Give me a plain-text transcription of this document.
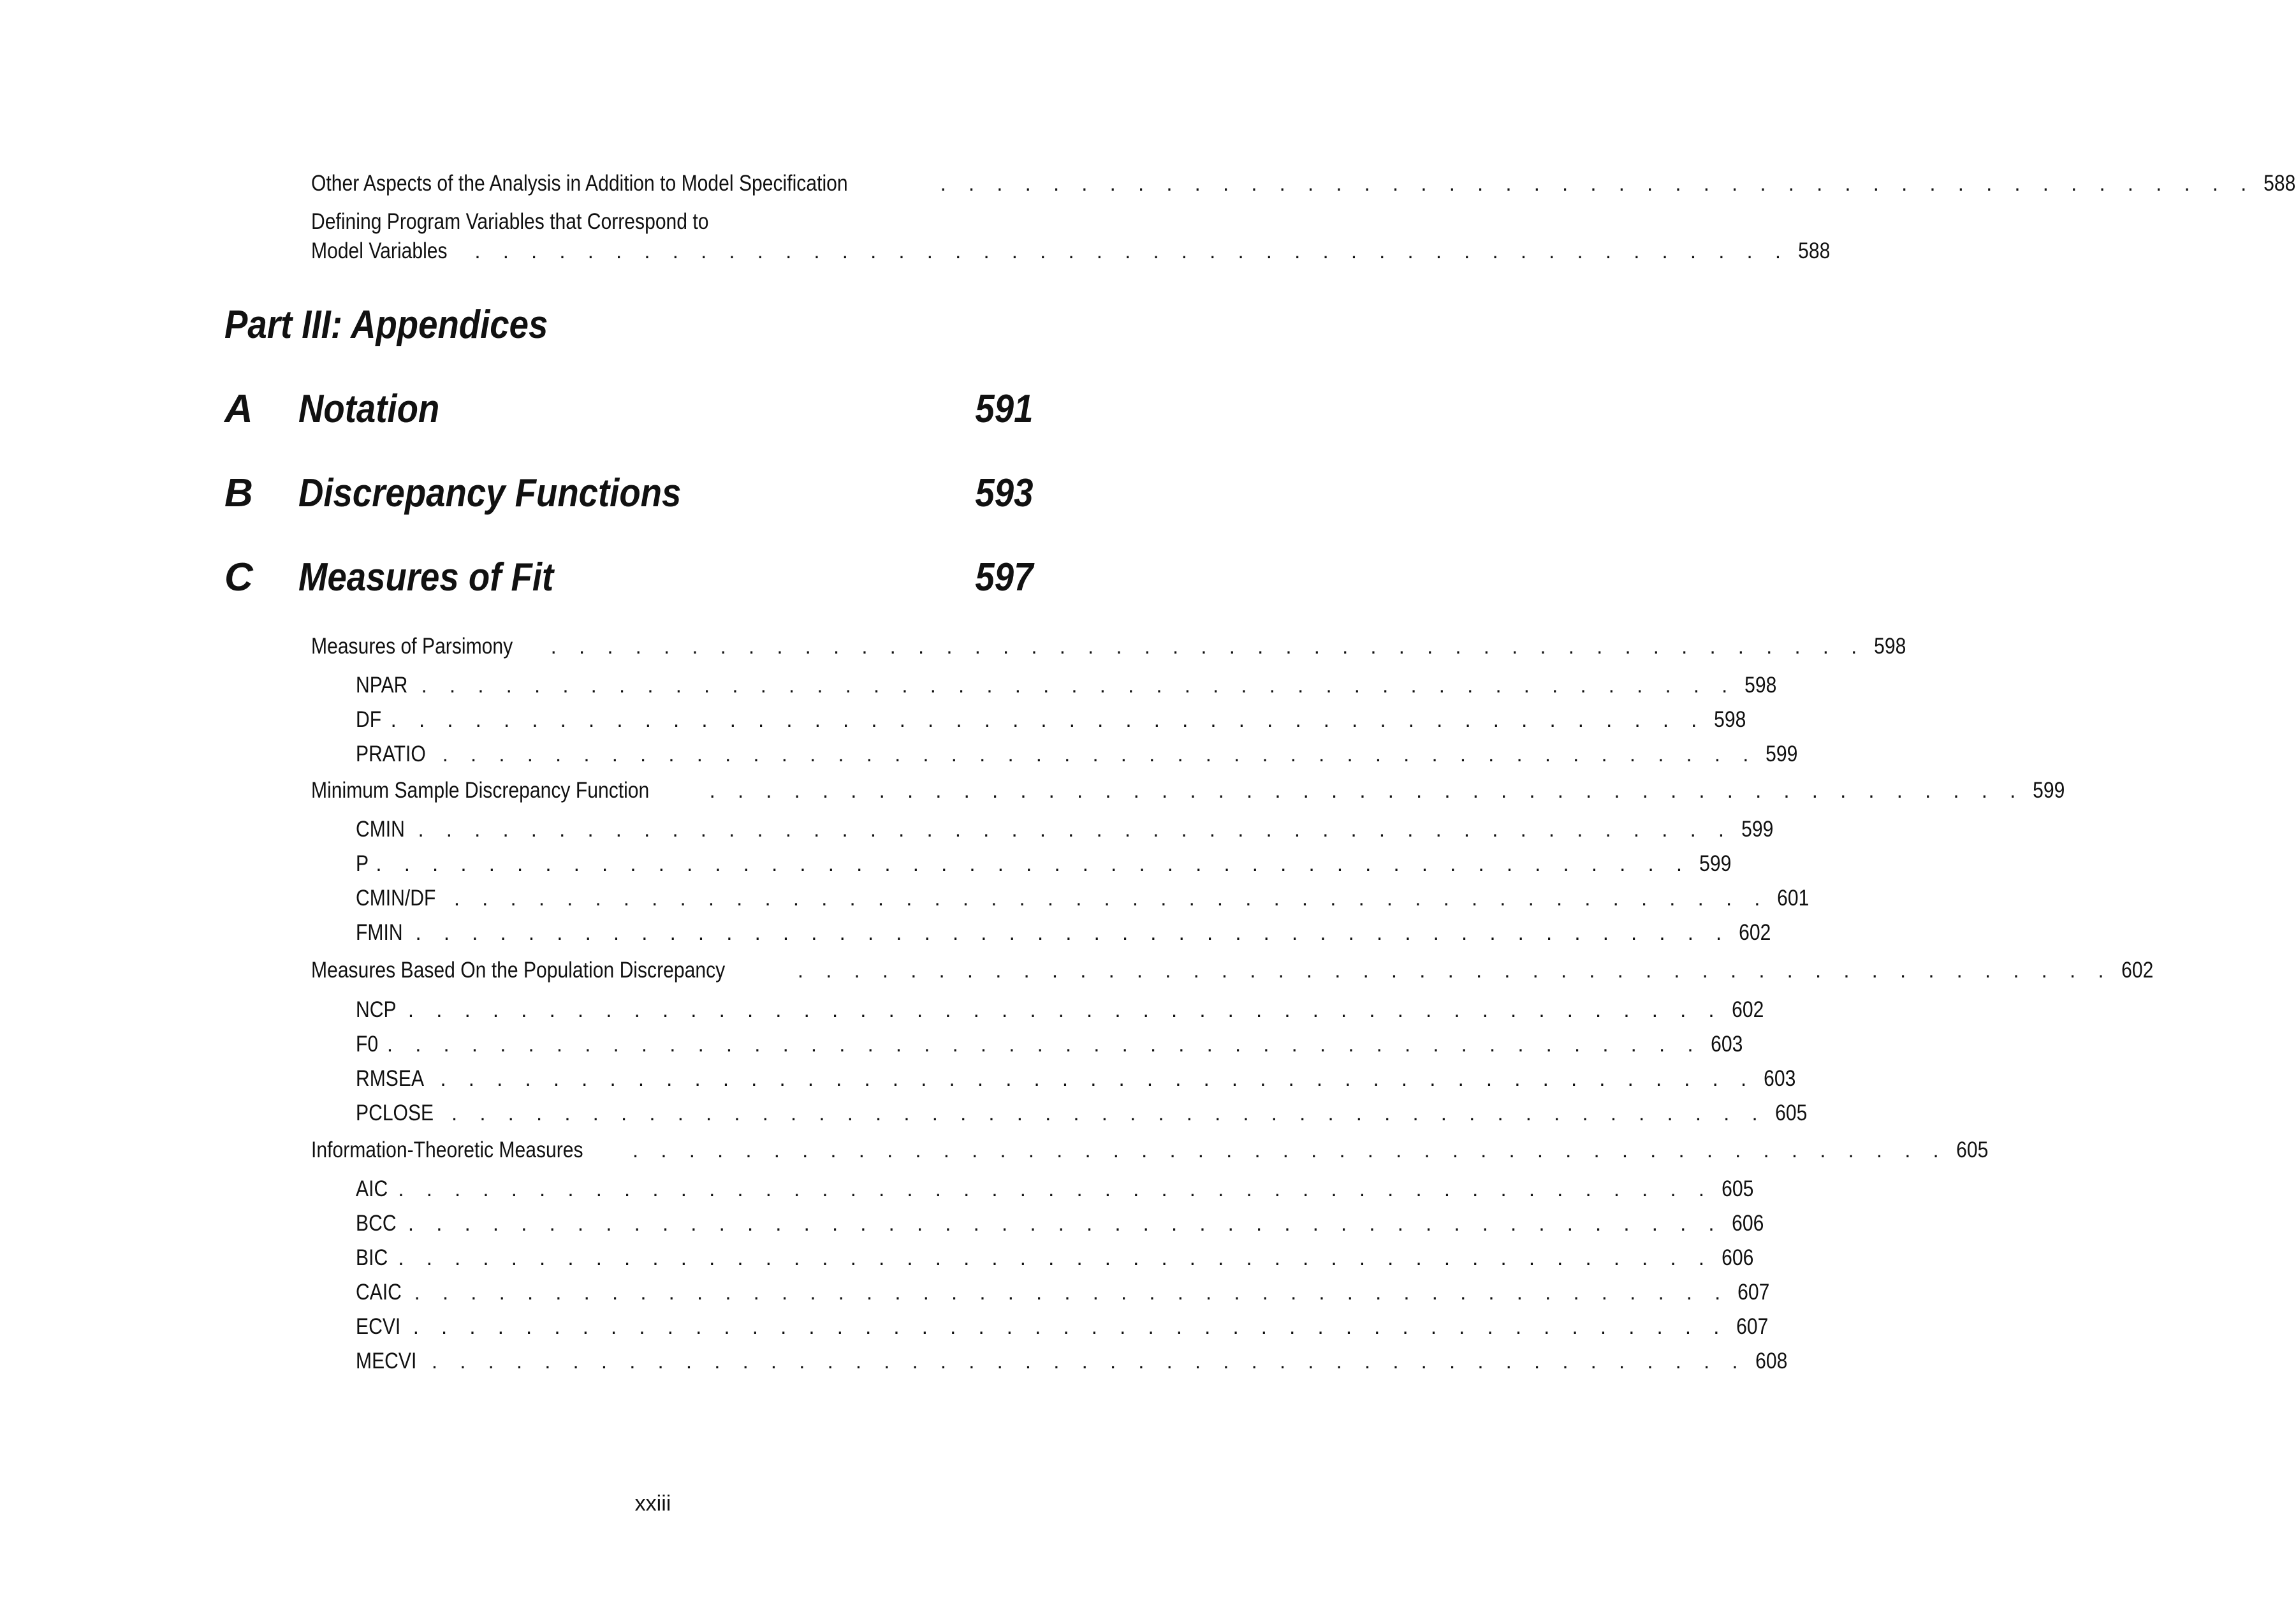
Other Aspects of the Analysis in Addition to Model Specification	. . . . . . . . . . . . . . . . . . . . . . . . . . . . . . . . . . . . . . . . . . . . . . . 588
Defining Program Variables that Correspond to
Model Variables . . . . . . . . . . . . . . . . . . . . . . . . . . . . . . . . . . . . . . . . . . . . . . . 588
Part III: Appendices
A Notation	591
B Discrepancy Functions	593
C Measures of Fit	597
Measures of Parsimony . . . . . . . . . . . . . . . . . . . . . . . . . . . . . . . . . . . . . . . . . . . . . . . 598
NPAR . . . . . . . . . . . . . . . . . . . . . . . . . . . . . . . . . . . . . . . . . . . . . . . 598
DF . . . . . . . . . . . . . . . . . . . . . . . . . . . . . . . . . . . . . . . . . . . . . . . 598
PRATIO . . . . . . . . . . . . . . . . . . . . . . . . . . . . . . . . . . . . . . . . . . . . . . . 599
Minimum Sample Discrepancy Function	. . . . . . . . . . . . . . . . . . . . . . . . . . . . . . . . . . . . . . . . . . . . . . . 599
CMIN . . . . . . . . . . . . . . . . . . . . . . . . . . . . . . . . . . . . . . . . . . . . . . . 599
P . . . . . . . . . . . . . . . . . . . . . . . . . . . . . . . . . . . . . . . . . . . . . . . 599
CMIN/DF . . . . . . . . . . . . . . . . . . . . . . . . . . . . . . . . . . . . . . . . . . . . . . . 601
FMIN . . . . . . . . . . . . . . . . . . . . . . . . . . . . . . . . . . . . . . . . . . . . . . . 602
Measures Based On the Population Discrepancy	. . . . . . . . . . . . . . . . . . . . . . . . . . . . . . . . . . . . . . . . . . . . . . . 602
NCP . . . . . . . . . . . . . . . . . . . . . . . . . . . . . . . . . . . . . . . . . . . . . . . 602
F0 . . . . . . . . . . . . . . . . . . . . . . . . . . . . . . . . . . . . . . . . . . . . . . . 603
RMSEA . . . . . . . . . . . . . . . . . . . . . . . . . . . . . . . . . . . . . . . . . . . . . . . 603
PCLOSE . . . . . . . . . . . . . . . . . . . . . . . . . . . . . . . . . . . . . . . . . . . . . . . 605
Information-Theoretic Measures . . . . . . . . . . . . . . . . . . . . . . . . . . . . . . . . . . . . . . . . . . . . . . . 605
AIC . . . . . . . . . . . . . . . . . . . . . . . . . . . . . . . . . . . . . . . . . . . . . . . 605
BCC . . . . . . . . . . . . . . . . . . . . . . . . . . . . . . . . . . . . . . . . . . . . . . . 606
BIC . . . . . . . . . . . . . . . . . . . . . . . . . . . . . . . . . . . . . . . . . . . . . . . 606
CAIC . . . . . . . . . . . . . . . . . . . . . . . . . . . . . . . . . . . . . . . . . . . . . . . 607
ECVI . . . . . . . . . . . . . . . . . . . . . . . . . . . . . . . . . . . . . . . . . . . . . . . 607
MECVI . . . . . . . . . . . . . . . . . . . . . . . . . . . . . . . . . . . . . . . . . . . . . . . 608
xxiii
